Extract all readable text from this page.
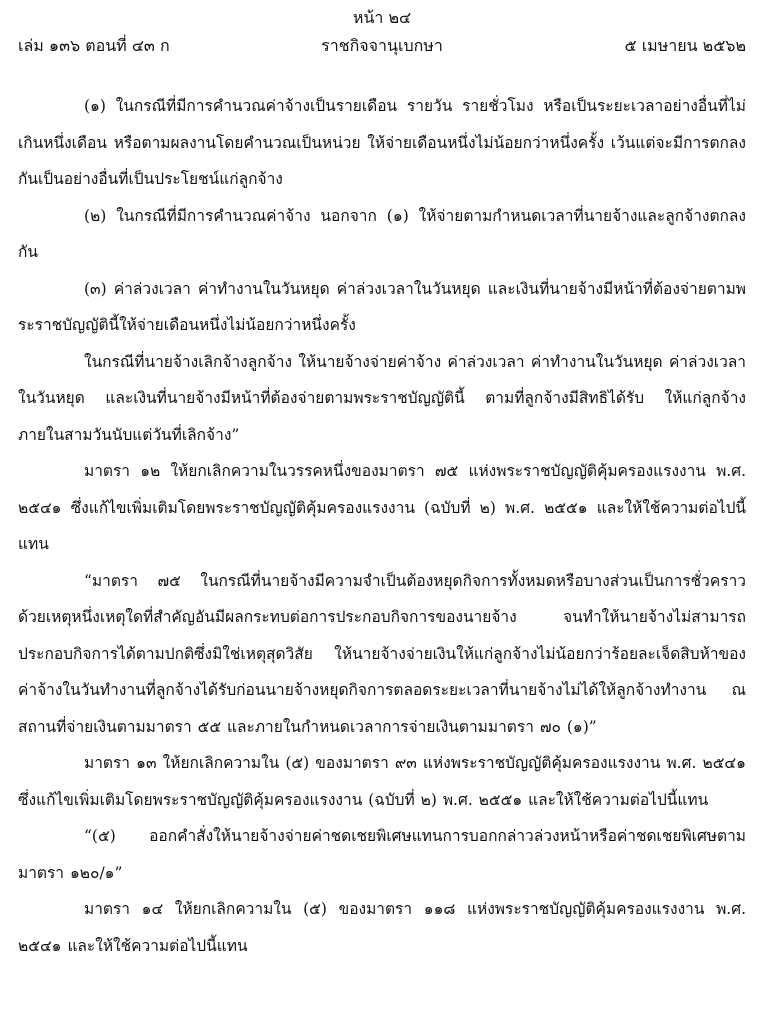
หน้า ๒๔
เล่ม ๑๓๖ ตอนที่ ๔๓ ก	ราชกิจจานุเบกษา	๕ เมษายน ๒๕๖๒

(๑) ในกรณีที่มีการคำนวณค่าจ้างเป็นรายเดือน รายวัน รายชั่วโมง หรือเป็นระยะเวลาอย่างอื่นที่ไม่เกินหนึ่งเดือน หรือตามผลงานโดยคำนวณเป็นหน่วย ให้จ่ายเดือนหนึ่งไม่น้อยกว่าหนึ่งครั้ง เว้นแต่จะมีการตกลงกันเป็นอย่างอื่นที่เป็นประโยชน์แก่ลูกจ้าง

(๒) ในกรณีที่มีการคำนวณค่าจ้าง นอกจาก (๑) ให้จ่ายตามกำหนดเวลาที่นายจ้างและลูกจ้างตกลงกัน

(๓) ค่าล่วงเวลา ค่าทำงานในวันหยุด ค่าล่วงเวลาในวันหยุด และเงินที่นายจ้างมีหน้าที่ต้องจ่ายตามพระราชบัญญัตินี้ให้จ่ายเดือนหนึ่งไม่น้อยกว่าหนึ่งครั้ง

ในกรณีที่นายจ้างเลิกจ้างลูกจ้าง ให้นายจ้างจ่ายค่าจ้าง ค่าล่วงเวลา ค่าทำงานในวันหยุด ค่าล่วงเวลาในวันหยุด และเงินที่นายจ้างมีหน้าที่ต้องจ่ายตามพระราชบัญญัตินี้ ตามที่ลูกจ้างมีสิทธิได้รับ ให้แก่ลูกจ้างภายในสามวันนับแต่วันที่เลิกจ้าง”

มาตรา ๑๒ ให้ยกเลิกความในวรรคหนึ่งของมาตรา ๗๕ แห่งพระราชบัญญัติคุ้มครองแรงงาน พ.ศ. ๒๕๔๑ ซึ่งแก้ไขเพิ่มเติมโดยพระราชบัญญัติคุ้มครองแรงงาน (ฉบับที่ ๒) พ.ศ. ๒๕๕๑ และให้ใช้ความต่อไปนี้แทน

“มาตรา ๗๕ ในกรณีที่นายจ้างมีความจำเป็นต้องหยุดกิจการทั้งหมดหรือบางส่วนเป็นการชั่วคราวด้วยเหตุหนึ่งเหตุใดที่สำคัญอันมีผลกระทบต่อการประกอบกิจการของนายจ้าง จนทำให้นายจ้างไม่สามารถประกอบกิจการได้ตามปกติซึ่งมิใช่เหตุสุดวิสัย ให้นายจ้างจ่ายเงินให้แก่ลูกจ้างไม่น้อยกว่าร้อยละเจ็ดสิบห้าของค่าจ้างในวันทำงานที่ลูกจ้างได้รับก่อนนายจ้างหยุดกิจการตลอดระยะเวลาที่นายจ้างไม่ได้ให้ลูกจ้างทำงาน ณ สถานที่จ่ายเงินตามมาตรา ๕๕ และภายในกำหนดเวลาการจ่ายเงินตามมาตรา ๗๐ (๑)”

มาตรา ๑๓ ให้ยกเลิกความใน (๕) ของมาตรา ๙๓ แห่งพระราชบัญญัติคุ้มครองแรงงาน พ.ศ. ๒๕๔๑ ซึ่งแก้ไขเพิ่มเติมโดยพระราชบัญญัติคุ้มครองแรงงาน (ฉบับที่ ๒) พ.ศ. ๒๕๕๑ และให้ใช้ความต่อไปนี้แทน

“(๕) ออกคำสั่งให้นายจ้างจ่ายค่าชดเชยพิเศษแทนการบอกกล่าวล่วงหน้าหรือค่าชดเชยพิเศษตามมาตรา ๑๒๐/๑”

มาตรา ๑๔ ให้ยกเลิกความใน (๕) ของมาตรา ๑๑๘ แห่งพระราชบัญญัติคุ้มครองแรงงาน พ.ศ. ๒๕๔๑ และให้ใช้ความต่อไปนี้แทน
